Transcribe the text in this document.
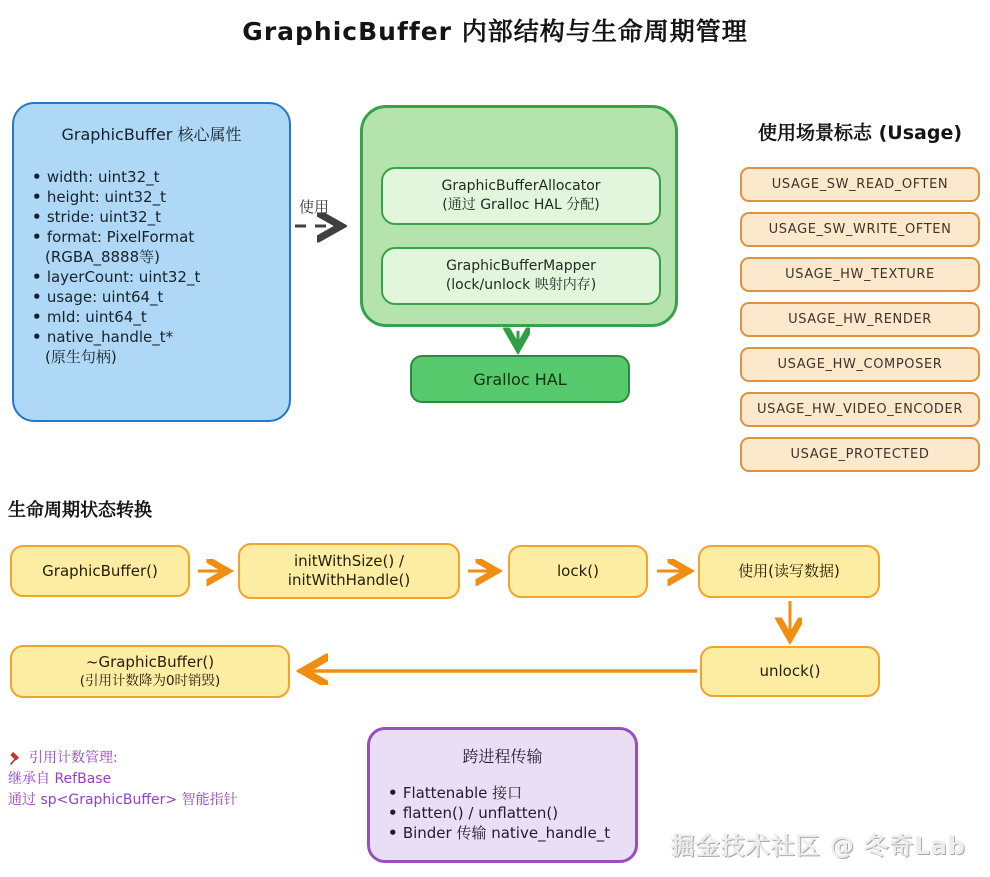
GraphicBuffer 内部结构与生命周期管理
GraphicBuffer 核心属性
• width: uint32_t
• height: uint32_t
• stride: uint32_t
• format: PixelFormat
(RGBA_8888等)
• layerCount: uint32_t
• usage: uint64_t
• mId: uint64_t
• native_handle_t*
(原生句柄)
使用
GraphicBufferAllocator
(通过 Gralloc HAL 分配)
GraphicBufferMapper
(lock/unlock 映射内存)
Gralloc HAL
使用场景标志 (Usage)
USAGE_SW_READ_OFTEN
USAGE_SW_WRITE_OFTEN
USAGE_HW_TEXTURE
USAGE_HW_RENDER
USAGE_HW_COMPOSER
USAGE_HW_VIDEO_ENCODER
USAGE_PROTECTED
生命周期状态转换
GraphicBuffer()
initWithSize() /
initWithHandle()	lock()	使用(读写数据)
unlock()
~GraphicBuffer()
(引用计数降为0时销毁)
跨进程传输
• Flattenable 接口
• flatten() / unflatten()
• Binder 传输 native_handle_t
引用计数管理:
继承自 RefBase
通过 sp<GraphicBuffer> 智能指针
掘金技术社区 @ 冬奇Lab
